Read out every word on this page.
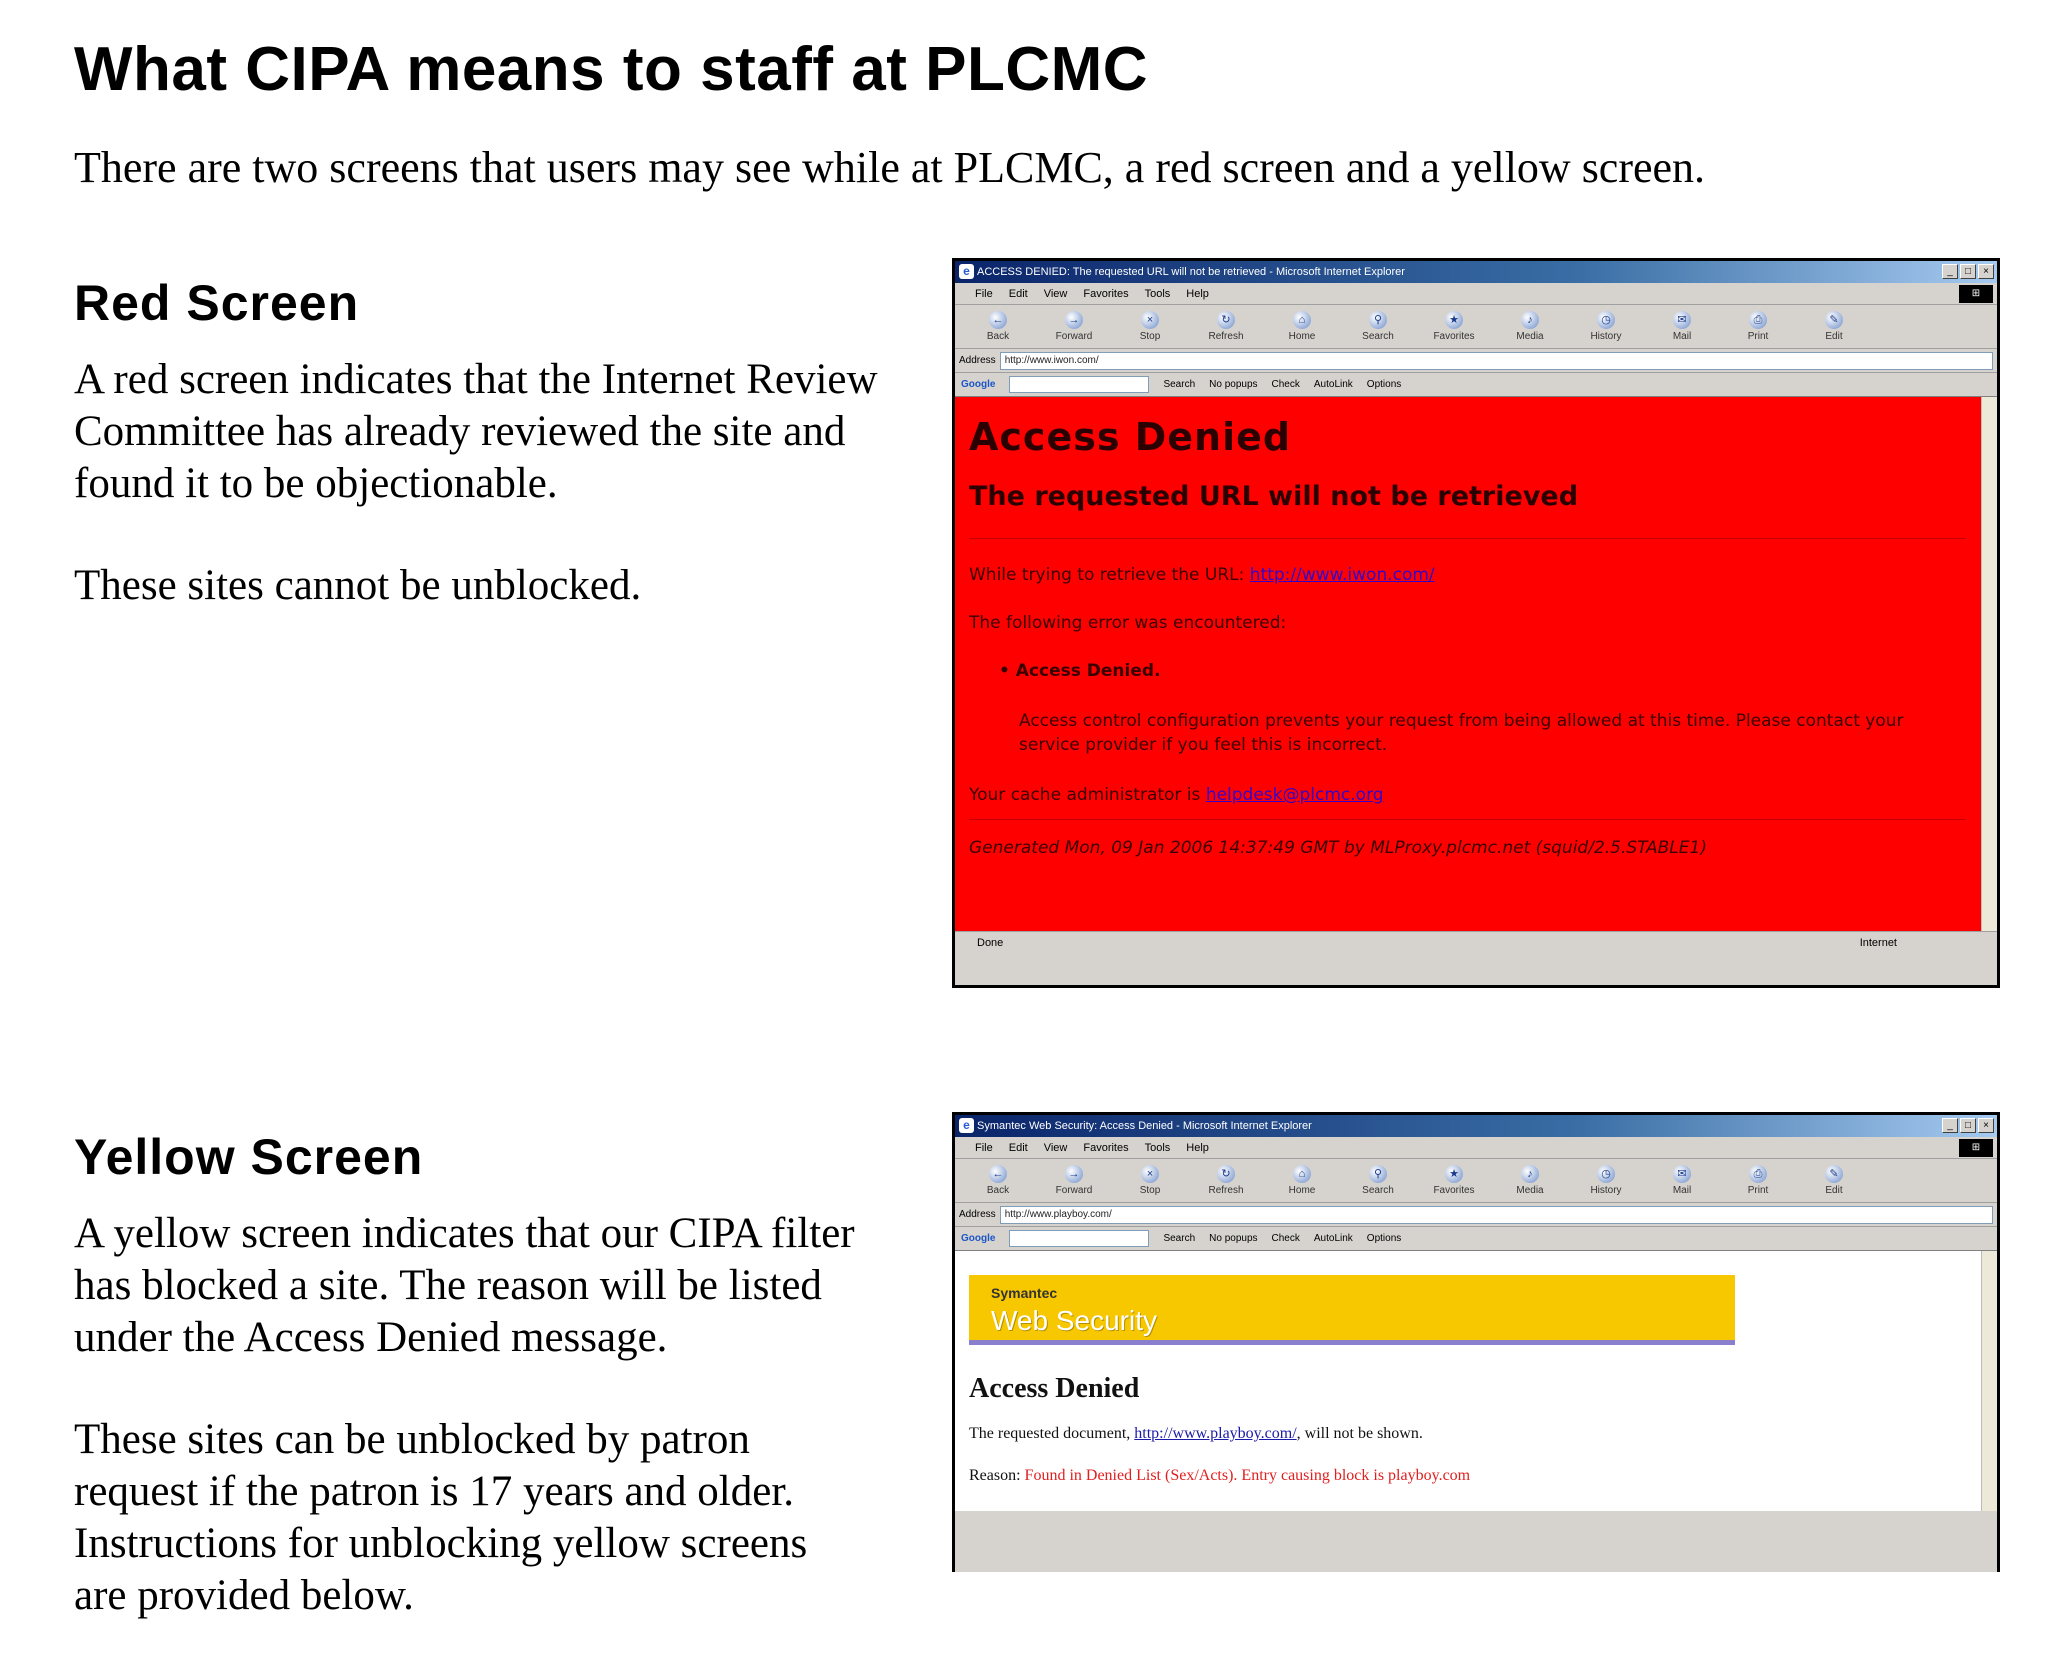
What CIPA means to staff at PLCMC
There are two screens that users may see while at PLCMC, a red screen and a yellow screen.
Red Screen

A red screen indicates that the Internet Review Committee has already reviewed the site and found it to be objectionable.

These sites cannot be unblocked.

e ACCESS DENIED: The requested URL will not be retrieved - Microsoft Internet Explorer	_	□	×
File Edit View Favorites Tools Help	⊞
←
Back
→
Forward
×
Stop
↻
Refresh
⌂
Home
⚲
Search
★
Favorites
♪
Media
◷
History
✉
Mail
⎙
Print
✎
Edit
Address http://www.iwon.com/
Google	Search No popups Check AutoLink Options
Access Denied
The requested URL will not be retrieved
While trying to retrieve the URL: http://www.iwon.com/
The following error was encountered:
• Access Denied.
Access control configuration prevents your request from being allowed at this time. Please contact your service provider if you feel this is incorrect.
Your cache administrator is helpdesk@plcmc.org
Generated Mon, 09 Jan 2006 14:37:49 GMT by MLProxy.plcmc.net (squid/2.5.STABLE1)
Done	Internet
Yellow Screen

A yellow screen indicates that our CIPA filter has blocked a site. The reason will be listed under the Access Denied message.

These sites can be unblocked by patron request if the patron is 17 years and older. Instructions for unblocking yellow screens are provided below.

e Symantec Web Security: Access Denied - Microsoft Internet Explorer	_	□	×
File Edit View Favorites Tools Help	⊞
←
Back
→
Forward
×
Stop
↻
Refresh
⌂
Home
⚲
Search
★
Favorites
♪
Media
◷
History
✉
Mail
⎙
Print
✎
Edit
Address http://www.playboy.com/
Google	Search No popups Check AutoLink Options
Symantec
Web Security
Access Denied
The requested document, http://www.playboy.com/, will not be shown.
Reason: Found in Denied List (Sex/Acts). Entry causing block is playboy.com
